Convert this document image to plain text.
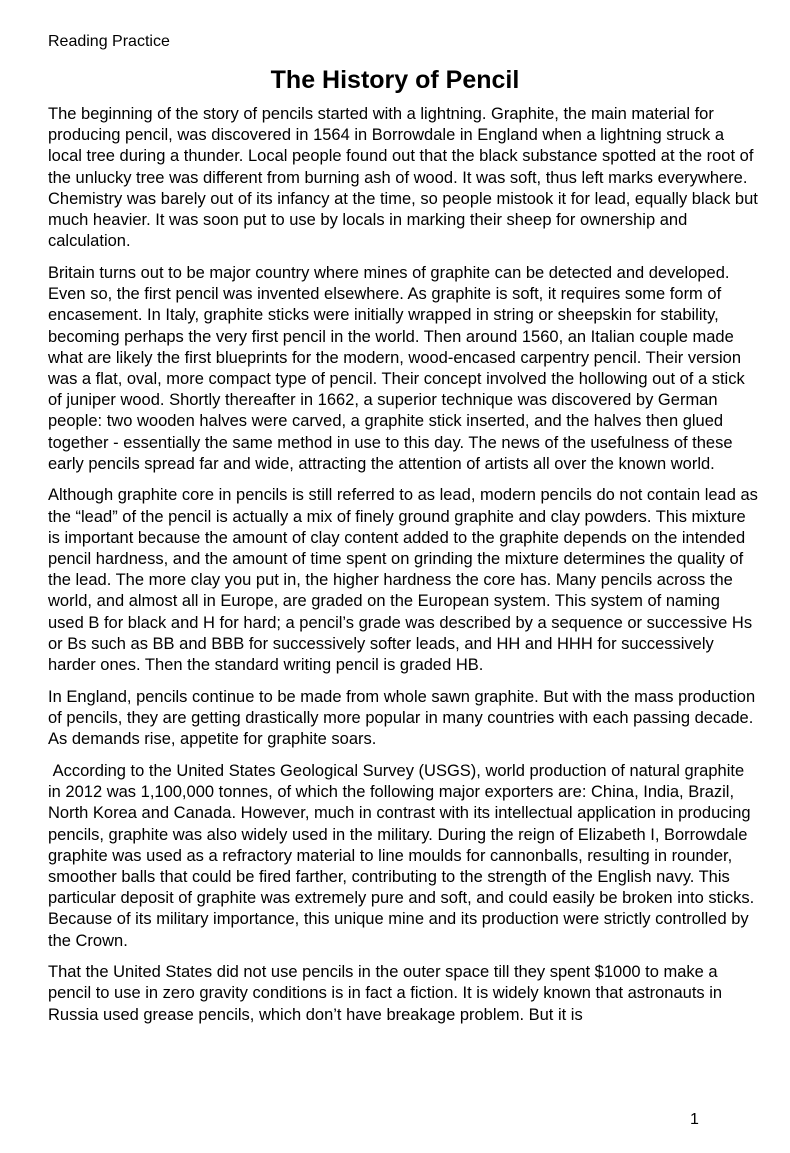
Reading Practice
The History of Pencil

The beginning of the story of pencils started with a lightning. Graphite, the main material for producing pencil, was discovered in 1564 in Borrowdale in England when a lightning struck a local tree during a thunder. Local people found out that the black substance spotted at the root of the unlucky tree was different from burning ash of wood. It was soft, thus left marks everywhere. Chemistry was barely out of its infancy at the time, so people mistook it for lead, equally black but much heavier. It was soon put to use by locals in marking their sheep for ownership and calculation.

Britain turns out to be major country where mines of graphite can be detected and developed. Even so, the first pencil was invented elsewhere. As graphite is soft, it requires some form of encasement. In Italy, graphite sticks were initially wrapped in string or sheepskin for stability, becoming perhaps the very first pencil in the world. Then around 1560, an Italian couple made what are likely the first blueprints for the modern, wood-encased carpentry pencil. Their version was a flat, oval, more compact type of pencil. Their concept involved the hollowing out of a stick of juniper wood. Shortly thereafter in 1662, a superior technique was discovered by German people: two wooden halves were carved, a graphite stick inserted, and the halves then glued together - essentially the same method in use to this day. The news of the usefulness of these early pencils spread far and wide, attracting the attention of artists all over the known world.

Although graphite core in pencils is still referred to as lead, modern pencils do not contain lead as the “lead” of the pencil is actually a mix of finely ground graphite and clay powders. This mixture is important because the amount of clay content added to the graphite depends on the intended pencil hardness, and the amount of time spent on grinding the mixture determines the quality of the lead. The more clay you put in, the higher hardness the core has. Many pencils across the world, and almost all in Europe, are graded on the European system. This system of naming used B for black and H for hard; a pencil’s grade was described by a sequence or successive Hs or Bs such as BB and BBB for successively softer leads, and HH and HHH for successively harder ones. Then the standard writing pencil is graded HB.

In England, pencils continue to be made from whole sawn graphite. But with the mass production of pencils, they are getting drastically more popular in many countries with each passing decade. As demands rise, appetite for graphite soars.

According to the United States Geological Survey (USGS), world production of natural graphite in 2012 was 1,100,000 tonnes, of which the following major exporters are: China, India, Brazil, North Korea and Canada. However, much in contrast with its intellectual application in producing pencils, graphite was also widely used in the military. During the reign of Elizabeth I, Borrowdale graphite was used as a refractory material to line moulds for cannonballs, resulting in rounder, smoother balls that could be fired farther, contributing to the strength of the English navy. This particular deposit of graphite was extremely pure and soft, and could easily be broken into sticks. Because of its military importance, this unique mine and its production were strictly controlled by the Crown.

That the United States did not use pencils in the outer space till they spent $1000 to make a pencil to use in zero gravity conditions is in fact a fiction. It is widely known that astronauts in Russia used grease pencils, which don’t have breakage problem. But it is

1
